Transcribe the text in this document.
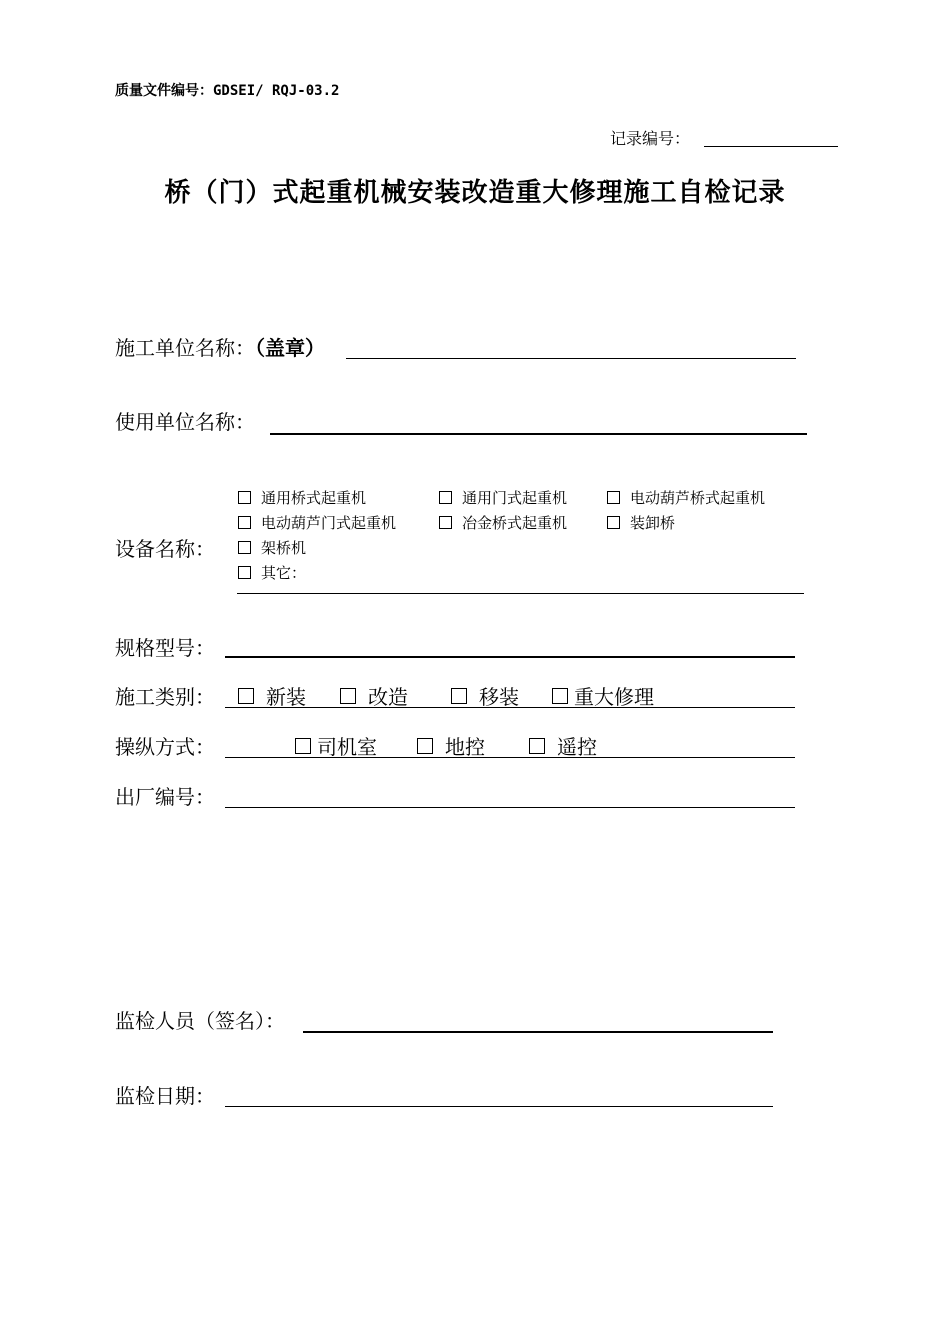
质量文件编号：GDSEI/ RQJ-03.2
记录编号：
桥（门）式起重机械安装改造重大修理施工自检记录
施工单位名称：（盖章）
使用单位名称：
设备名称：
通用桥式起重机	通用门式起重机	电动葫芦桥式起重机
电动葫芦门式起重机	冶金桥式起重机	装卸桥
架桥机
其它：
规格型号：
施工类别：	新装	改造	移装	重大修理
操纵方式：	司机室	地控	遥控
出厂编号：
监检人员（签名）：
监检日期：
